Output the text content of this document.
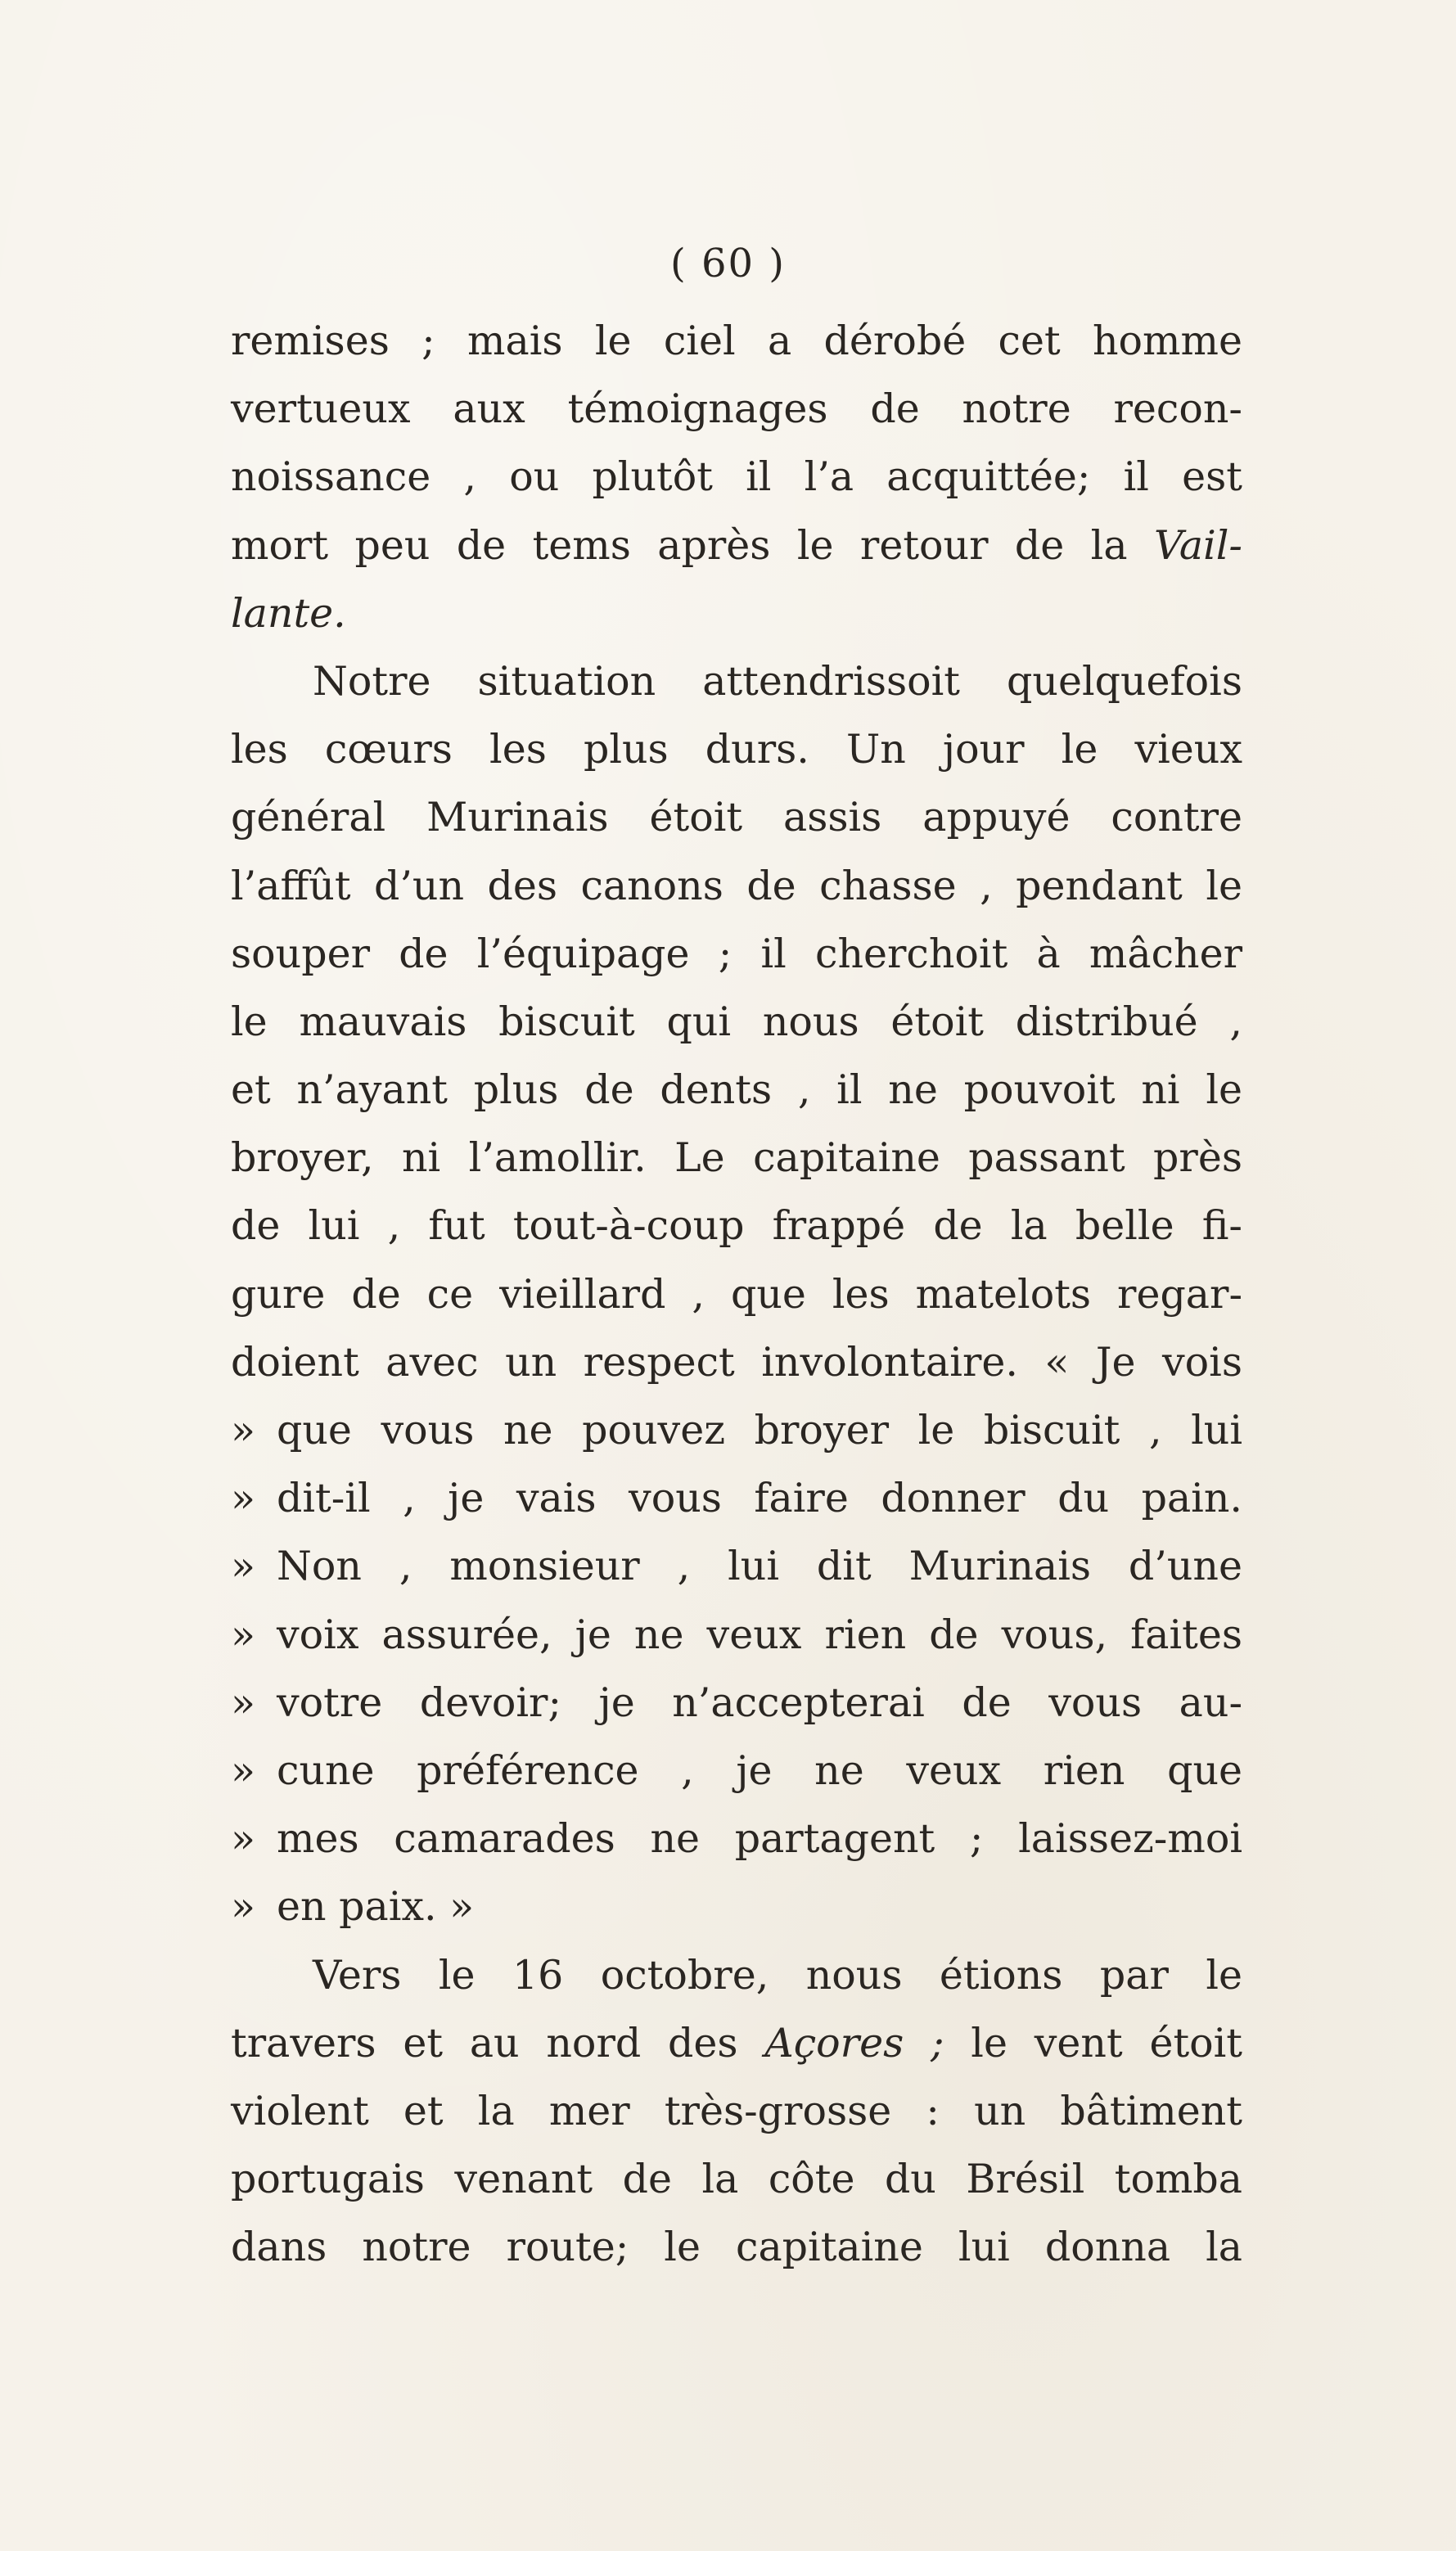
( 60 )
remises ; mais le ciel a dérobé cet homme
vertueux aux témoignages de notre recon-
noissance , ou plutôt il l’a acquittée; il est
mort peu de tems après le retour de la Vail-
lante.
Notre situation attendrissoit quelquefois
les cœurs les plus durs. Un jour le vieux
général Murinais étoit assis appuyé contre
l’affût d’un des canons de chasse , pendant le
souper de l’équipage ; il cherchoit à mâcher
le mauvais biscuit qui nous étoit distribué ,
et n’ayant plus de dents , il ne pouvoit ni le
broyer, ni l’amollir. Le capitaine passant près
de lui , fut tout-à-coup frappé de la belle fi-
gure de ce vieillard , que les matelots regar-
doient avec un respect involontaire. « Je vois
» que vous ne pouvez broyer le biscuit , lui
» dit-il , je vais vous faire donner du pain.
» Non , monsieur , lui dit Murinais d’une
» voix assurée, je ne veux rien de vous, faites
» votre devoir; je n’accepterai de vous au-
» cune préférence , je ne veux rien que
» mes camarades ne partagent ; laissez-moi
» en paix. »
Vers le 16 octobre, nous étions par le
travers et au nord des Açores ; le vent étoit
violent et la mer très-grosse : un bâtiment
portugais venant de la côte du Brésil tomba
dans notre route; le capitaine lui donna la
